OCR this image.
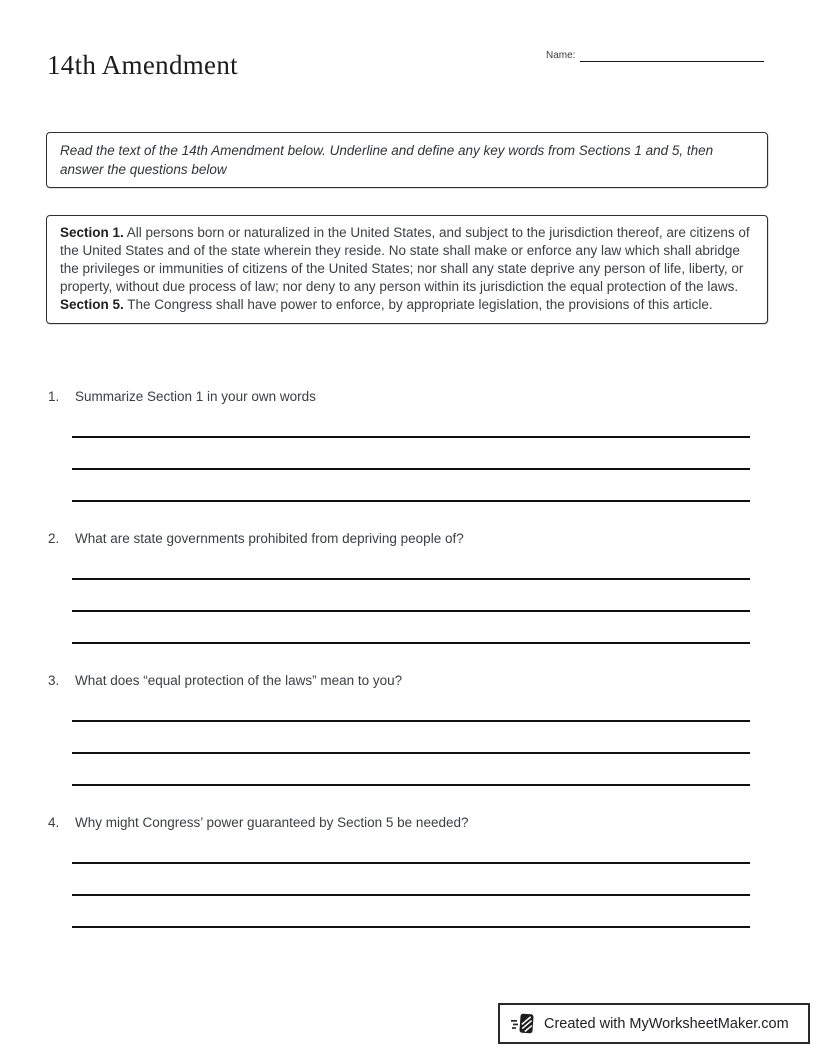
14th Amendment	Name:

Read the text of the 14th Amendment below. Underline and define any key words from Sections 1 and 5, then answer the questions below

Section 1. All persons born or naturalized in the United States, and subject to the jurisdiction thereof, are citizens of the United States and of the state wherein they reside. No state shall make or enforce any law which shall abridge the privileges or immunities of citizens of the United States; nor shall any state deprive any person of life, liberty, or property, without due process of law; nor deny to any person within its jurisdiction the equal protection of the laws.

Section 5. The Congress shall have power to enforce, by appropriate legislation, the provisions of this article.

1.	Summarize Section 1 in your own words
2.	What are state governments prohibited from depriving people of?
3.	What does “equal protection of the laws” mean to you?
4.	Why might Congress’ power guaranteed by Section 5 be needed?
Created with MyWorksheetMaker.com
